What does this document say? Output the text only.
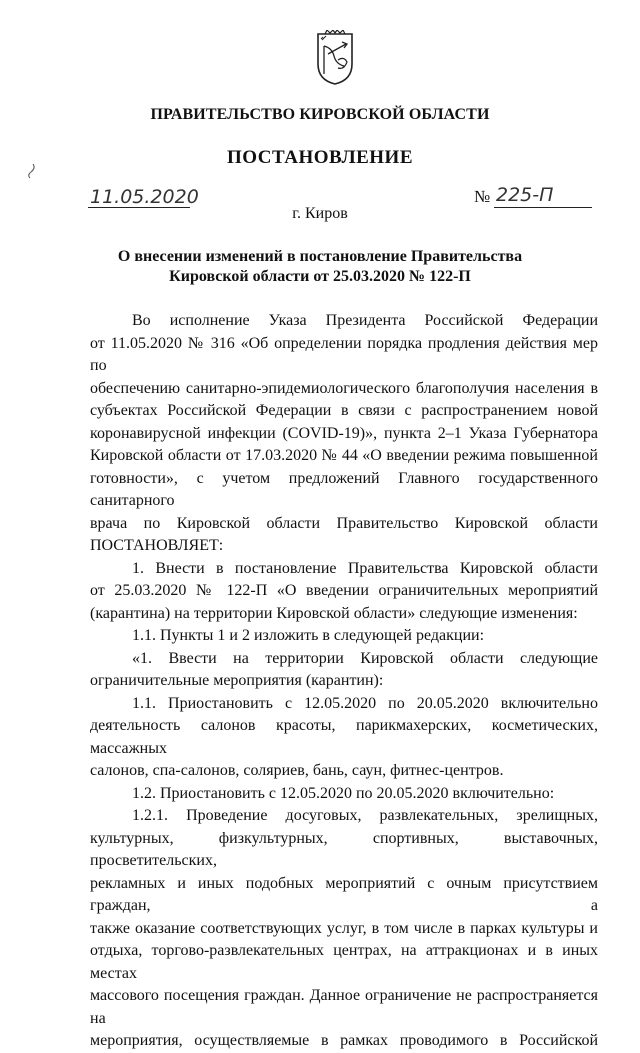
ПРАВИТЕЛЬСТВО КИРОВСКОЙ ОБЛАСТИ
ПОСТАНОВЛЕНИЕ
11.05.2020	№ 225-П
г. Киров
О внесении изменений в постановление Правительства
Кировской области от 25.03.2020 № 122-П

Во исполнение Указа Президента Российской Федерации

от 11.05.2020 № 316 «Об определении порядка продления действия мер по

обеспечению санитарно-эпидемиологического благополучия населения в

субъектах Российской Федерации в связи с распространением новой

коронавирусной инфекции (COVID-19)», пункта 2–1 Указа Губернатора

Кировской области от 17.03.2020 № 44 «О введении режима повышенной

готовности», с учетом предложений Главного государственного санитарного

врача по Кировской области Правительство Кировской области

ПОСТАНОВЛЯЕТ:

1. Внести в постановление Правительства Кировской области

от 25.03.2020 № 122-П «О введении ограничительных мероприятий

(карантина) на территории Кировской области» следующие изменения:

1.1. Пункты 1 и 2 изложить в следующей редакции:

«1. Ввести на территории Кировской области следующие

ограничительные мероприятия (карантин):

1.1. Приостановить с 12.05.2020 по 20.05.2020 включительно

деятельность салонов красоты, парикмахерских, косметических, массажных

салонов, спа-салонов, соляриев, бань, саун, фитнес-центров.

1.2. Приостановить с 12.05.2020 по 20.05.2020 включительно:

1.2.1. Проведение досуговых, развлекательных, зрелищных,

культурных, физкультурных, спортивных, выставочных, просветительских,

рекламных и иных подобных мероприятий с очным присутствием граждан, а

также оказание соответствующих услуг, в том числе в парках культуры и

отдыха, торгово-развлекательных центрах, на аттракционах и в иных местах

массового посещения граждан. Данное ограничение не распространяется на

мероприятия, осуществляемые в рамках проводимого в Российской
